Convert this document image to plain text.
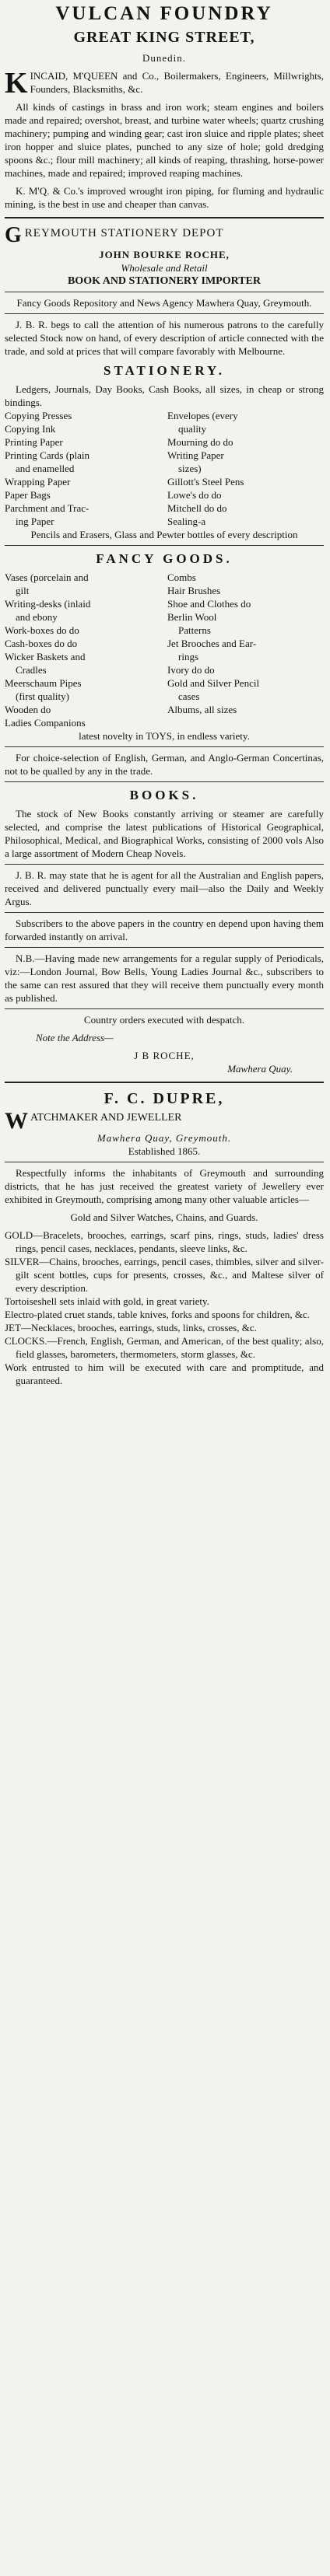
VULCAN FOUNDRY
GREAT KING STREET,
Dunedin.
K INCAID, M'QUEEN and Co., Boilermakers, Engineers, Millwrights, Founders, Blacksmiths, &c.

All kinds of castings in brass and iron work; steam engines and boilers made and repaired; overshot, breast, and turbine water wheels; quartz crushing machinery; pumping and winding gear; cast iron sluice and ripple plates; sheet iron hopper and sluice plates, punched to any size of hole; gold dredging spoons &c.; flour mill machinery; all kinds of reaping, thrashing, horse-power machines, made and repaired; improved reaping machines.

K. M'Q. & Co.'s improved wrought iron piping, for fluming and hydraulic mining, is the best in use and cheaper than canvas.

G REYMOUTH STATIONERY DEPOT
JOHN BOURKE ROCHE,
Wholesale and Retail
BOOK AND STATIONERY IMPORTER

Fancy Goods Repository and News Agency Mawhera Quay, Greymouth.

J. B. R. begs to call the attention of his numerous patrons to the carefully selected Stock now on hand, of every description of article connected with the trade, and sold at prices that will compare favorably with Melbourne.

STATIONERY.

Ledgers, Journals, Day Books, Cash Books, all sizes, in cheap or strong bindings.

Copying Presses	Envelopes (every
Copying Ink	quality
Printing Paper	Mourning do do
Printing Cards (plain	Writing Paper
and enamelled	sizes)
Wrapping Paper	Gillott's Steel Pens
Paper Bags	Lowe's do do
Parchment and Trac-	Mitchell do do
ing Paper	Sealing-a

Pencils and Erasers, Glass and Pewter bottles of every description

FANCY GOODS.
Vases (porcelain and	Combs
gilt	Hair Brushes
Writing-desks (inlaid	Shoe and Clothes do
and ebony	Berlin Wool
Work-boxes do do	Patterns
Cash-boxes do do	Jet Brooches and Ear-
Wicker Baskets and	rings
Cradles	Ivory do do
Meerschaum Pipes	Gold and Silver Pencil
(first quality)	cases
Wooden do	Albums, all sizes
Ladies Companions

latest novelty in TOYS, in endless variety.

For choice-selection of English, German, and Anglo-German Concertinas, not to be qualled by any in the trade.

BOOKS.

The stock of New Books constantly arriving or steamer are carefully selected, and comprise the latest publications of Historical Geographical, Philosophical, Medical, and Biographical Works, consisting of 2000 vols Also a large assortment of Modern Cheap Novels.

J. B. R. may state that he is agent for all the Australian and English papers, received and delivered punctually every mail—also the Daily and Weekly Argus.

Subscribers to the above papers in the country en depend upon having them forwarded instantly on arrival.

N.B.—Having made new arrangements for a regular supply of Periodicals, viz:—London Journal, Bow Bells, Young Ladies Journal &c., subscribers to the same can rest assured that they will receive them punctually every month as published.

Country orders executed with despatch.

Note the Address—

J B ROCHE,

Mawhera Quay.

F. C. DUPRE,
W ATCHMAKER AND JEWELLER

Mawhera Quay, Greymouth.

Established 1865.

Respectfully informs the inhabitants of Greymouth and surrounding districts, that he has just received the greatest variety of Jewellery ever exhibited in Greymouth, comprising among many other valuable articles—

Gold and Silver Watches, Chains, and Guards.

GOLD—Bracelets, brooches, earrings, scarf pins, rings, studs, ladies' dress rings, pencil cases, necklaces, pendants, sleeve links, &c.

SILVER—Chains, brooches, earrings, pencil cases, thimbles, silver and silver-gilt scent bottles, cups for presents, crosses, &c., and Maltese silver of every description.

Tortoiseshell sets inlaid with gold, in great variety.

Electro-plated cruet stands, table knives, forks and spoons for children, &c.

JET—Necklaces, brooches, earrings, studs, links, crosses, &c.

CLOCKS.—French, English, German, and American, of the best quality; also, field glasses, barometers, thermometers, storm glasses, &c.

Work entrusted to him will be executed with care and promptitude, and guaranteed.
